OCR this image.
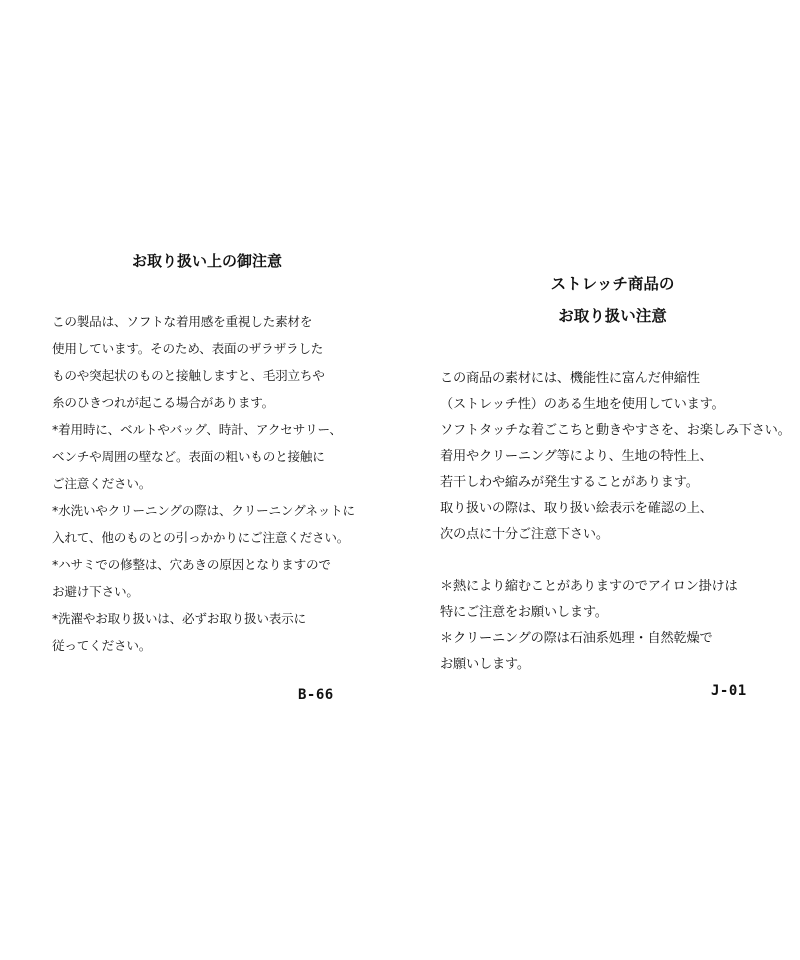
お取り扱い上の御注意
この製品は、ソフトな着用感を重視した素材を
使用しています。そのため、表面のザラザラした
ものや突起状のものと接触しますと、毛羽立ちや
糸のひきつれが起こる場合があります。
*着用時に、ベルトやバッグ、時計、アクセサリー、
ベンチや周囲の壁など。表面の粗いものと接触に
ご注意ください。
*水洗いやクリーニングの際は、クリーニングネットに
入れて、他のものとの引っかかりにご注意ください。
*ハサミでの修整は、穴あきの原因となりますので
お避け下さい。
*洗濯やお取り扱いは、必ずお取り扱い表示に
従ってください。
B-66
ストレッチ商品の
お取り扱い注意
この商品の素材には、機能性に富んだ伸縮性
（ストレッチ性）のある生地を使用しています。
ソフトタッチな着ごこちと動きやすさを、お楽しみ下さい。
着用やクリーニング等により、生地の特性上、
若干しわや縮みが発生することがあります。
取り扱いの際は、取り扱い絵表示を確認の上、
次の点に十分ご注意下さい。
＊熱により縮むことがありますのでアイロン掛けは
特にご注意をお願いします。
＊クリーニングの際は石油系処理・自然乾燥で
お願いします。
J-01
